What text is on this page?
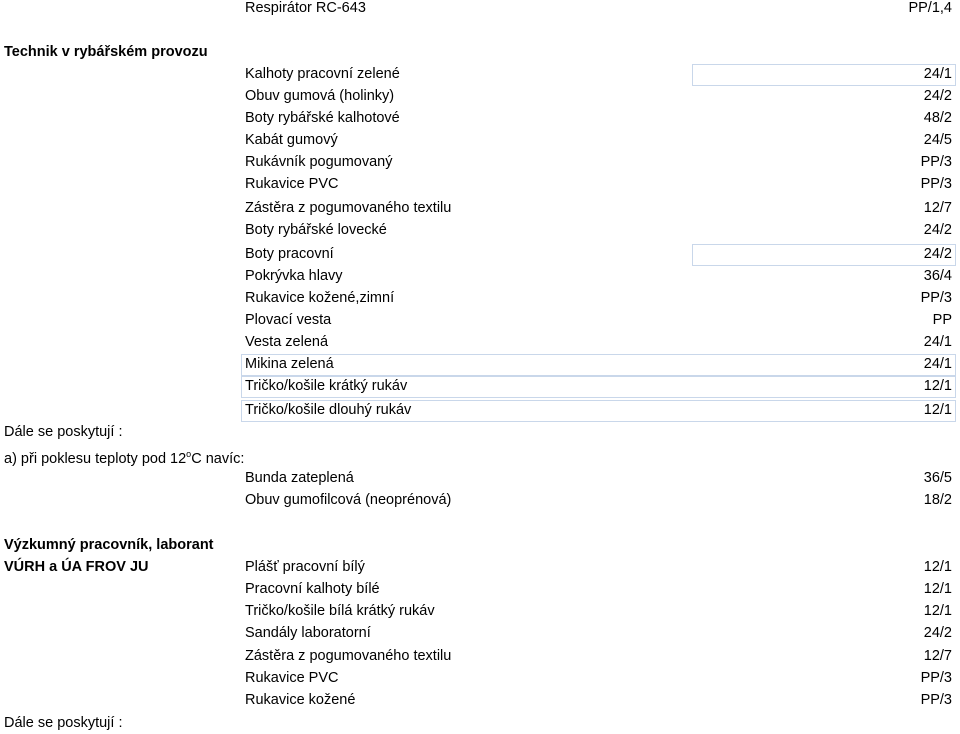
Respirátor RC-643	PP/1,4
Technik v rybářském provozu
Kalhoty pracovní zelené	24/1
Obuv gumová (holinky)	24/2
Boty rybářské kalhotové	48/2
Kabát gumový	24/5
Rukávník pogumovaný	PP/3
Rukavice PVC	PP/3
Zástěra z pogumovaného textilu	12/7
Boty rybářské lovecké	24/2
Boty pracovní	24/2
Pokrývka hlavy	36/4
Rukavice kožené,zimní	PP/3
Plovací vesta	PP
Vesta zelená	24/1
Mikina zelená	24/1
Tričko/košile krátký rukáv	12/1
Tričko/košile dlouhý rukáv	12/1
Dále se poskytují :
a) při poklesu teploty pod 12$^o$C navíc:
Bunda zateplená	36/5
Obuv gumofilcová (neoprénová)	18/2
Výzkumný pracovník, laborant
VÚRH a ÚA FROV JU	Plášť pracovní bílý	12/1
Pracovní kalhoty bílé	12/1
Tričko/košile bílá krátký rukáv	12/1
Sandály laboratorní	24/2
Zástěra z pogumovaného textilu	12/7
Rukavice PVC	PP/3
Rukavice kožené	PP/3
Dále se poskytují :
